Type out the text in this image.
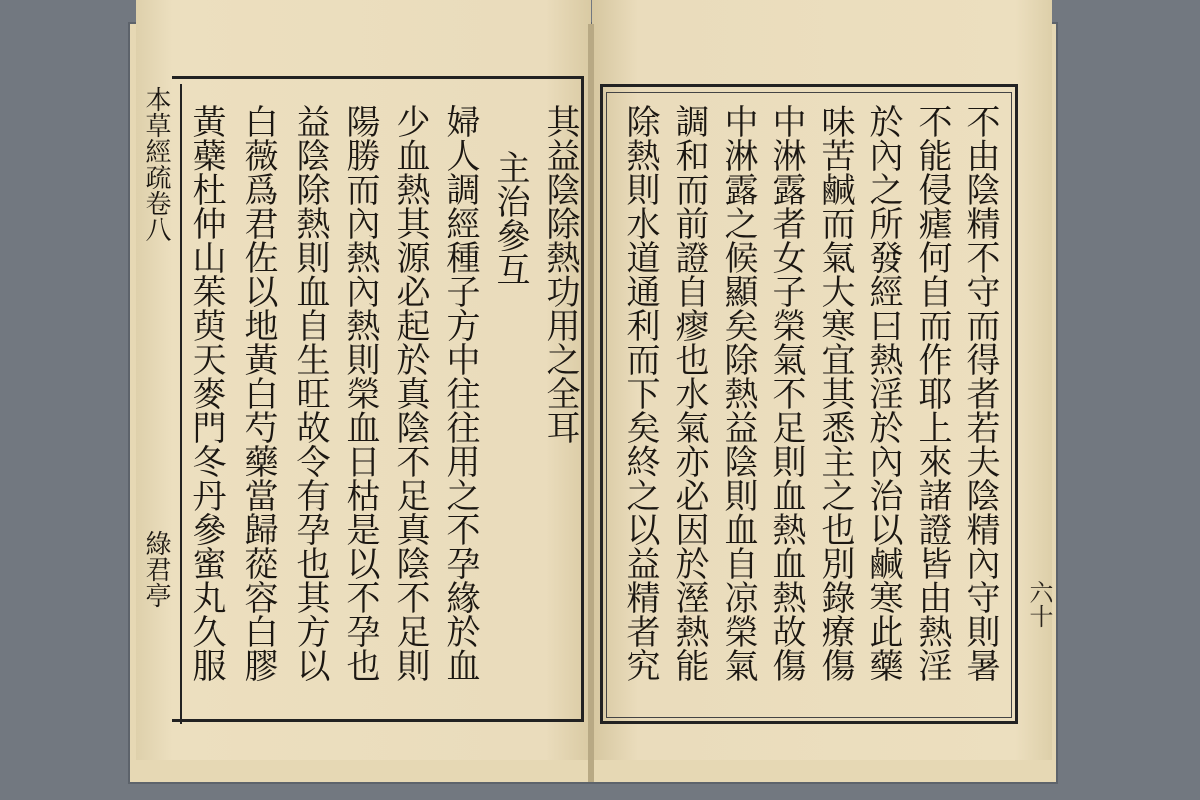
本草經疏卷八
綠君亭
其益陰除熱功用之全耳
主治參互
婦人調經種子方中往往用之不孕緣於血
少血熱其源必起於真陰不足真陰不足則
陽勝而內熱內熱則榮血日枯是以不孕也
益陰除熱則血自生旺故令有孕也其方以
白薇爲君佐以地黃白芍藥當歸蓯容白膠
黃蘗杜仲山茱萸天麥門冬丹參蜜丸久服	不由陰精不守而得者若夫陰精內守則暑
不能侵瘧何自而作耶上來諸證皆由熱淫
於內之所發經曰熱淫於內治以鹹寒此藥
味苦鹹而氣大寒宜其悉主之也別錄療傷
中淋露者女子榮氣不足則血熱血熱故傷
中淋露之候顯矣除熱益陰則血自凉榮氣
調和而前證自瘳也水氣亦必因於溼熱能
除熱則水道通利而下矣終之以益精者究	六十
